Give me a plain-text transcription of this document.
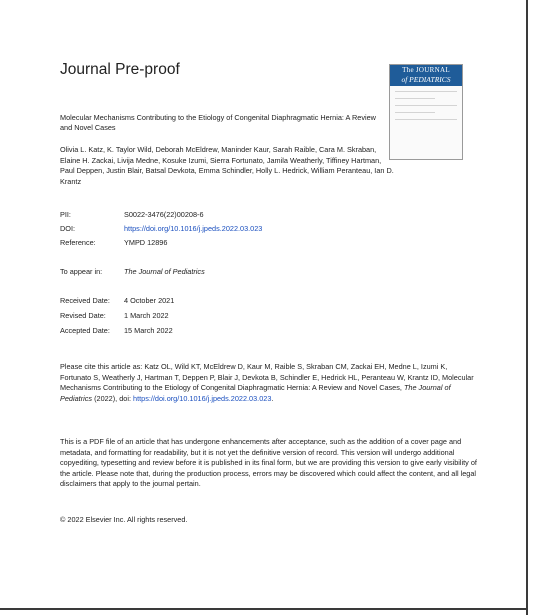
Journal Pre-proof	The JOURNAL
of PEDIATRICS
Molecular Mechanisms Contributing to the Etiology of Congenital Diaphragmatic Hernia: A Review and Novel Cases
Olivia L. Katz, K. Taylor Wild, Deborah McEldrew, Maninder Kaur, Sarah Raible, Cara M. Skraban, Elaine H. Zackai, Livija Medne, Kosuke Izumi, Sierra Fortunato, Jamila Weatherly, Tiffiney Hartman, Paul Deppen, Justin Blair, Batsal Devkota, Emma Schindler, Holly L. Hedrick, William Peranteau, Ian D. Krantz
PII:	S0022-3476(22)00208-6
DOI:	https://doi.org/10.1016/j.jpeds.2022.03.023
Reference:	YMPD 12896
To appear in:	The Journal of Pediatrics
Received Date: 4 October 2021
Revised Date: 1 March 2022
Accepted Date: 15 March 2022
Please cite this article as: Katz OL, Wild KT, McEldrew D, Kaur M, Raible S, Skraban CM, Zackai EH, Medne L, Izumi K, Fortunato S, Weatherly J, Hartman T, Deppen P, Blair J, Devkota B, Schindler E, Hedrick HL, Peranteau W, Krantz ID, Molecular Mechanisms Contributing to the Etiology of Congenital Diaphragmatic Hernia: A Review and Novel Cases, The Journal of Pediatrics (2022), doi: https://doi.org/10.1016/j.jpeds.2022.03.023.
This is a PDF file of an article that has undergone enhancements after acceptance, such as the addition of a cover page and metadata, and formatting for readability, but it is not yet the definitive version of record. This version will undergo additional copyediting, typesetting and review before it is published in its final form, but we are providing this version to give early visibility of the article. Please note that, during the production process, errors may be discovered which could affect the content, and all legal disclaimers that apply to the journal pertain.
© 2022 Elsevier Inc. All rights reserved.
